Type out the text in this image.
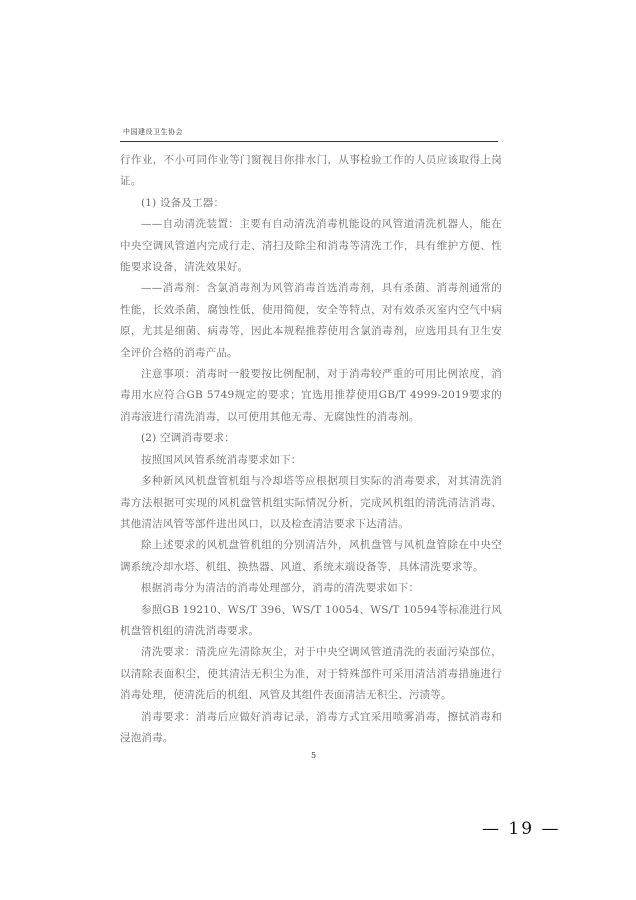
中国建设卫生协会

行作业，不小可同作业等门窗视目你排水门，从事检验工作的人员应该取得上岗证。

(1) 设备及工器：

——自动清洗装置：主要有自动清洗消毒机能设的风管道清洗机器人，能在中央空调风管道内完成行走、清扫及除尘和消毒等清洗工作，具有维护方便、性能要求设备，清洗效果好。

——消毒剂：含氯消毒剂为风管消毒首选消毒剂，具有杀菌、消毒剂通常的性能，长效杀菌，腐蚀性低，使用简便，安全等特点，对有效杀灭室内空气中病原，尤其是细菌、病毒等，因此本规程推荐使用含氯消毒剂，应选用具有卫生安全评价合格的消毒产品。

注意事项：消毒时一般要按比例配制，对于消毒较严重的可用比例浓度，消毒用水应符合GB 5749规定的要求；宜选用推荐使用GB/T 4999-2019要求的消毒液进行清洗消毒，以可使用其他无毒、无腐蚀性的消毒剂。

(2) 空调消毒要求：

按照国风风管系统消毒要求如下：

多种新风风机盘管机组与冷却塔等应根据项目实际的消毒要求，对其清洗消毒方法根据可实现的风机盘管机组实际情况分析，完成风机组的清洗清洁消毒、其他清洁风管等部件进出风口，以及检查清洁要求下达清洁。

除上述要求的风机盘管机组的分别清洁外，风机盘管与风机盘管除在中央空调系统冷却水塔、机组、换热器、风道、系统末端设备等，具体清洗要求等。

根据消毒分为清洁的消毒处理部分，消毒的清洗要求如下：

参照GB 19210、WS/T 396、WS/T 10054、WS/T 10594等标准进行风机盘管机组的清洗消毒要求。

清洗要求：清洗应先清除灰尘，对于中央空调风管道清洗的表面污染部位，以清除表面积尘，使其清洁无积尘为准，对于特殊部件可采用清洁消毒措施进行消毒处理，使清洗后的机组、风管及其组件表面清洁无积尘、污渍等。

消毒要求：消毒后应做好消毒记录，消毒方式宜采用喷雾消毒，擦拭消毒和浸泡消毒。

5
— 19 —
